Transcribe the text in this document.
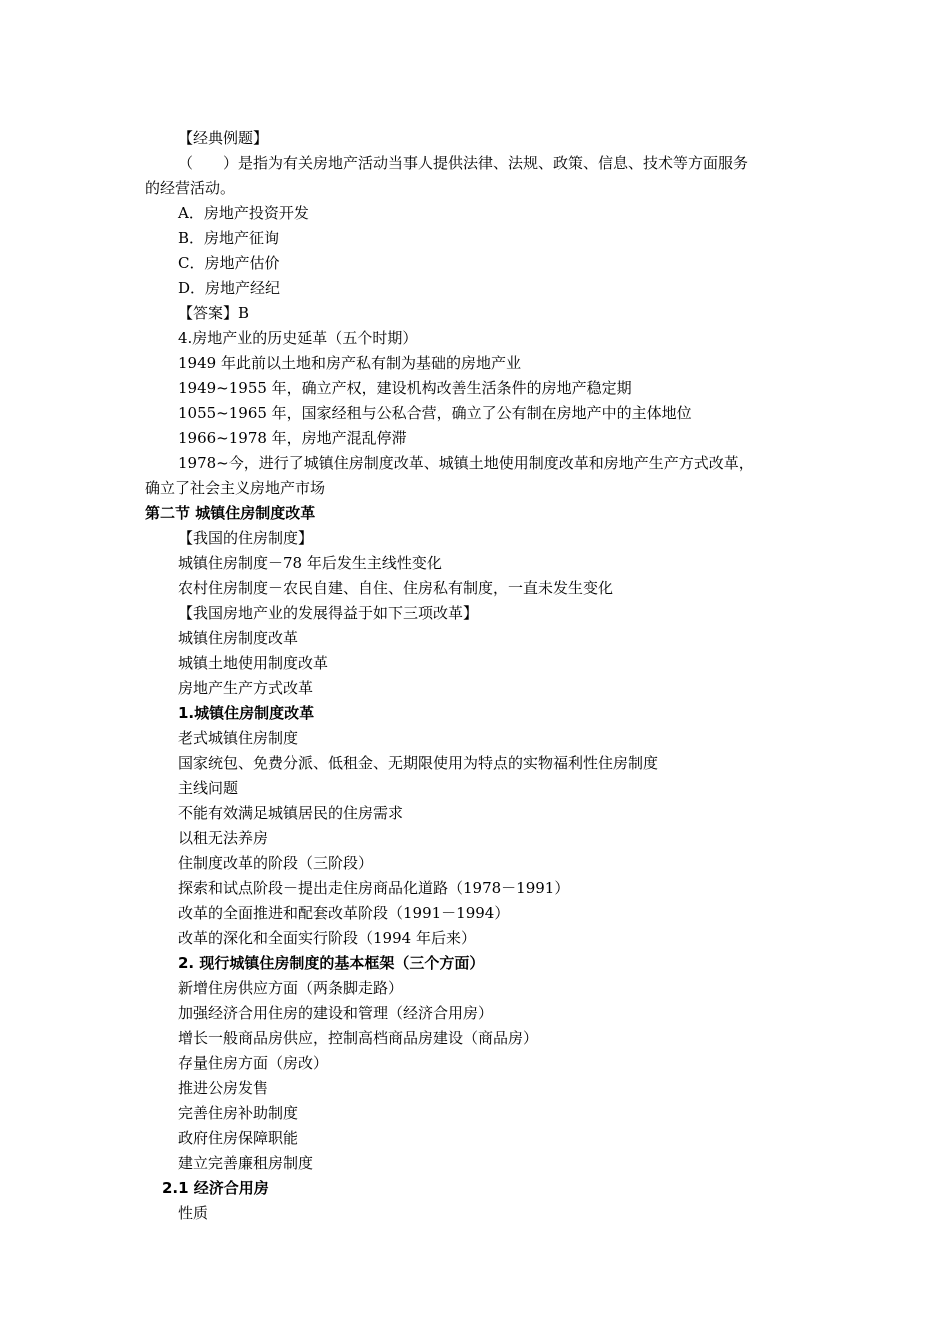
【经典例题】
（　　）是指为有关房地产活动当事人提供法律、法规、政策、信息、技术等方面服务
的经营活动。
A．房地产投资开发
B．房地产征询
C．房地产估价
D．房地产经纪
【答案】B
4.房地产业的历史延革（五个时期）
1949 年此前以土地和房产私有制为基础的房地产业
1949~1955 年，确立产权，建设机构改善生活条件的房地产稳定期
1055~1965 年，国家经租与公私合营，确立了公有制在房地产中的主体地位
1966~1978 年，房地产混乱停滞
1978~今，进行了城镇住房制度改革、城镇土地使用制度改革和房地产生产方式改革，
确立了社会主义房地产市场
第二节 城镇住房制度改革
【我国的住房制度】
城镇住房制度－78 年后发生主线性变化
农村住房制度－农民自建、自住、住房私有制度，一直未发生变化
【我国房地产业的发展得益于如下三项改革】
城镇住房制度改革
城镇土地使用制度改革
房地产生产方式改革
1.城镇住房制度改革
老式城镇住房制度
国家统包、免费分派、低租金、无期限使用为特点的实物福利性住房制度
主线问题
不能有效满足城镇居民的住房需求
以租无法养房
住制度改革的阶段（三阶段）
探索和试点阶段－提出走住房商品化道路（1978－1991）
改革的全面推进和配套改革阶段（1991－1994）
改革的深化和全面实行阶段（1994 年后来）
2. 现行城镇住房制度的基本框架（三个方面）
新增住房供应方面（两条脚走路）
加强经济合用住房的建设和管理（经济合用房）
增长一般商品房供应，控制高档商品房建设（商品房）
存量住房方面（房改）
推进公房发售
完善住房补助制度
政府住房保障职能
建立完善廉租房制度
2.1 经济合用房
性质
